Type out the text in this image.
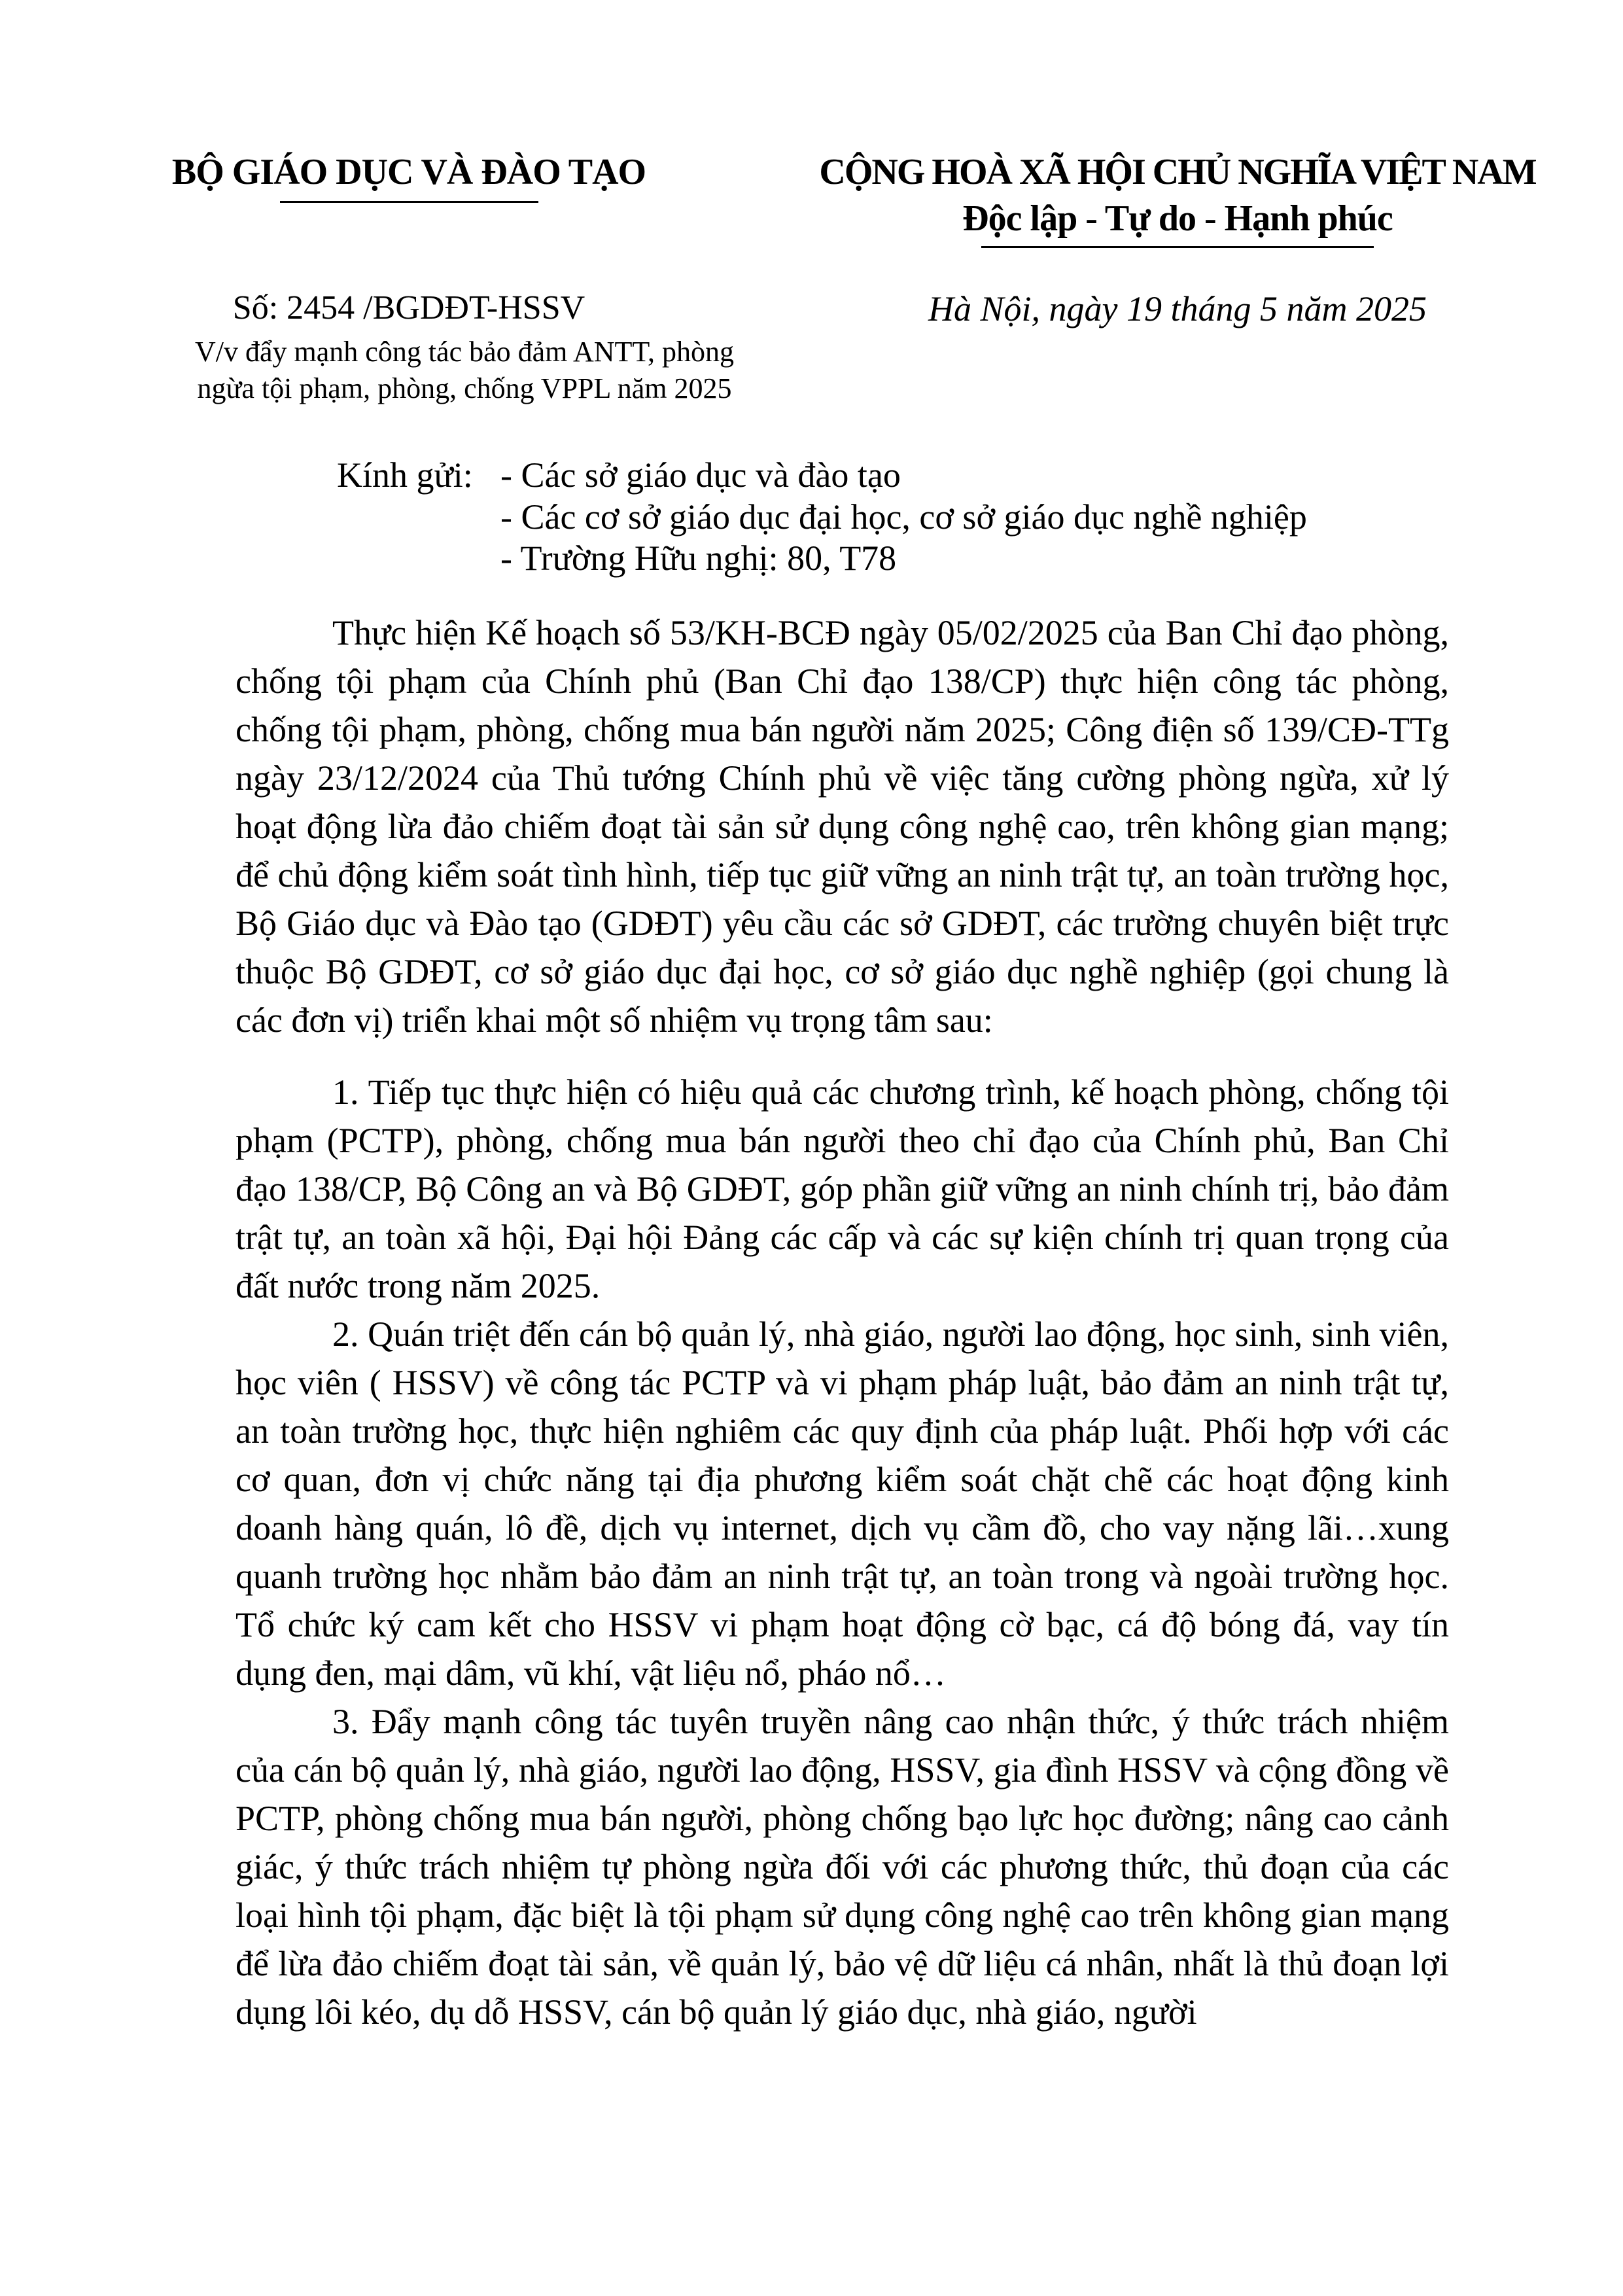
BỘ GIÁO DỤC VÀ ĐÀO TẠO	CỘNG HOÀ XÃ HỘI CHỦ NGHĨA VIỆT NAM
Độc lập - Tự do - Hạnh phúc
Số: 2454 /BGDĐT-HSSV
V/v đẩy mạnh công tác bảo đảm ANTT, phòng
ngừa tội phạm, phòng, chống VPPL năm 2025
Hà Nội, ngày 19 tháng 5 năm 2025
Kính gửi: - Các sở giáo dục và đào tạo
- Các cơ sở giáo dục đại học, cơ sở giáo dục nghề nghiệp
- Trường Hữu nghị: 80, T78

Thực hiện Kế hoạch số 53/KH-BCĐ ngày 05/02/2025 của Ban Chỉ đạo phòng, chống tội phạm của Chính phủ (Ban Chỉ đạo 138/CP) thực hiện công tác phòng, chống tội phạm, phòng, chống mua bán người năm 2025; Công điện số 139/CĐ-TTg ngày 23/12/2024 của Thủ tướng Chính phủ về việc tăng cường phòng ngừa, xử lý hoạt động lừa đảo chiếm đoạt tài sản sử dụng công nghệ cao, trên không gian mạng; để chủ động kiểm soát tình hình, tiếp tục giữ vững an ninh trật tự, an toàn trường học, Bộ Giáo dục và Đào tạo (GDĐT) yêu cầu các sở GDĐT, các trường chuyên biệt trực thuộc Bộ GDĐT, cơ sở giáo dục đại học, cơ sở giáo dục nghề nghiệp (gọi chung là các đơn vị) triển khai một số nhiệm vụ trọng tâm sau:

1. Tiếp tục thực hiện có hiệu quả các chương trình, kế hoạch phòng, chống tội phạm (PCTP), phòng, chống mua bán người theo chỉ đạo của Chính phủ, Ban Chỉ đạo 138/CP, Bộ Công an và Bộ GDĐT, góp phần giữ vững an ninh chính trị, bảo đảm trật tự, an toàn xã hội, Đại hội Đảng các cấp và các sự kiện chính trị quan trọng của đất nước trong năm 2025.

2. Quán triệt đến cán bộ quản lý, nhà giáo, người lao động, học sinh, sinh viên, học viên ( HSSV) về công tác PCTP và vi phạm pháp luật, bảo đảm an ninh trật tự, an toàn trường học, thực hiện nghiêm các quy định của pháp luật. Phối hợp với các cơ quan, đơn vị chức năng tại địa phương kiểm soát chặt chẽ các hoạt động kinh doanh hàng quán, lô đề, dịch vụ internet, dịch vụ cầm đồ, cho vay nặng lãi…xung quanh trường học nhằm bảo đảm an ninh trật tự, an toàn trong và ngoài trường học. Tổ chức ký cam kết cho HSSV vi phạm hoạt động cờ bạc, cá độ bóng đá, vay tín dụng đen, mại dâm, vũ khí, vật liệu nổ, pháo nổ…

3. Đẩy mạnh công tác tuyên truyền nâng cao nhận thức, ý thức trách nhiệm của cán bộ quản lý, nhà giáo, người lao động, HSSV, gia đình HSSV và cộng đồng về PCTP, phòng chống mua bán người, phòng chống bạo lực học đường; nâng cao cảnh giác, ý thức trách nhiệm tự phòng ngừa đối với các phương thức, thủ đoạn của các loại hình tội phạm, đặc biệt là tội phạm sử dụng công nghệ cao trên không gian mạng để lừa đảo chiếm đoạt tài sản, về quản lý, bảo vệ dữ liệu cá nhân, nhất là thủ đoạn lợi dụng lôi kéo, dụ dỗ HSSV, cán bộ quản lý giáo dục, nhà giáo, người
